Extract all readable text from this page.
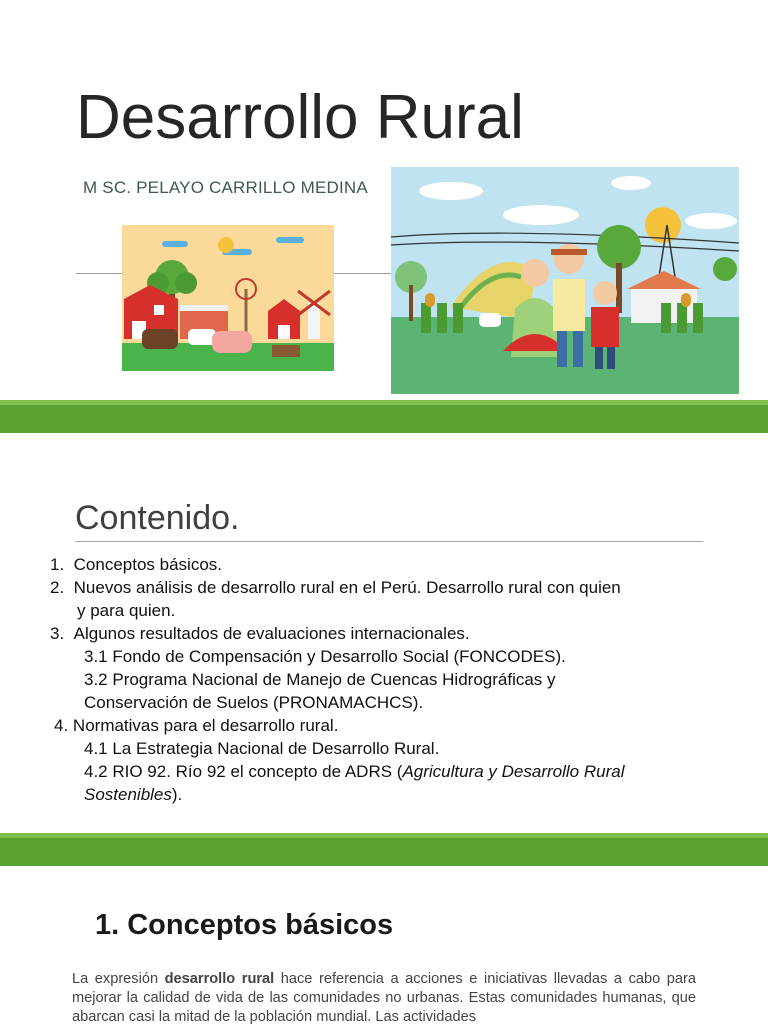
Desarrollo Rural
M SC. PELAYO CARRILLO MEDINA
Contenido.
1. Conceptos básicos.
2. Nuevos análisis de desarrollo rural en el Perú. Desarrollo rural con quien
y para quien.
3. Algunos resultados de evaluaciones internacionales.
3.1 Fondo de Compensación y Desarrollo Social (FONCODES).
3.2 Programa Nacional de Manejo de Cuencas Hidrográficas y
Conservación de Suelos (PRONAMACHCS).
4. Normativas para el desarrollo rural.
4.1 La Estrategia Nacional de Desarrollo Rural.
4.2 RIO 92. Río 92 el concepto de ADRS (Agricultura y Desarrollo Rural
Sostenibles).
1. Conceptos básicos
La expresión desarrollo rural hace referencia a acciones e iniciativas llevadas a cabo para mejorar la calidad de vida de las comunidades no urbanas. Estas comunidades humanas, que abarcan casi la mitad de la población mundial. Las actividades
